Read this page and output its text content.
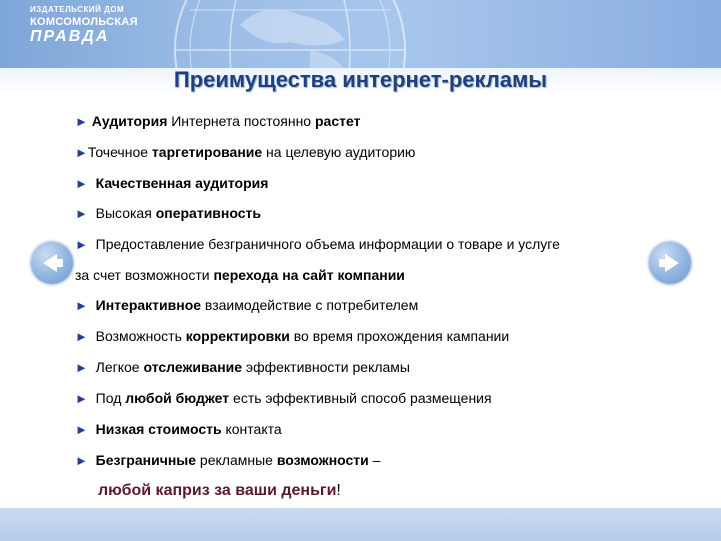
ИЗДАТЕЛЬСКИЙ ДОМ
КОМСОМОЛЬСКАЯ
ПРАВДА
Преимущества интернет-рекламы
► Аудитория Интернета постоянно растет
►Точечное таргетирование на целевую аудиторию
► Качественная аудитория
► Высокая оперативность
► Предоставление безграничного объема информации о товаре и услуге
за счет возможности перехода на сайт компании
► Интерактивное взаимодействие с потребителем
► Возможность корректировки во время прохождения кампании
► Легкое отслеживание эффективности рекламы
► Под любой бюджет есть эффективный способ размещения
► Низкая стоимость контакта
► Безграничные рекламные возможности –
любой каприз за ваши деньги!
